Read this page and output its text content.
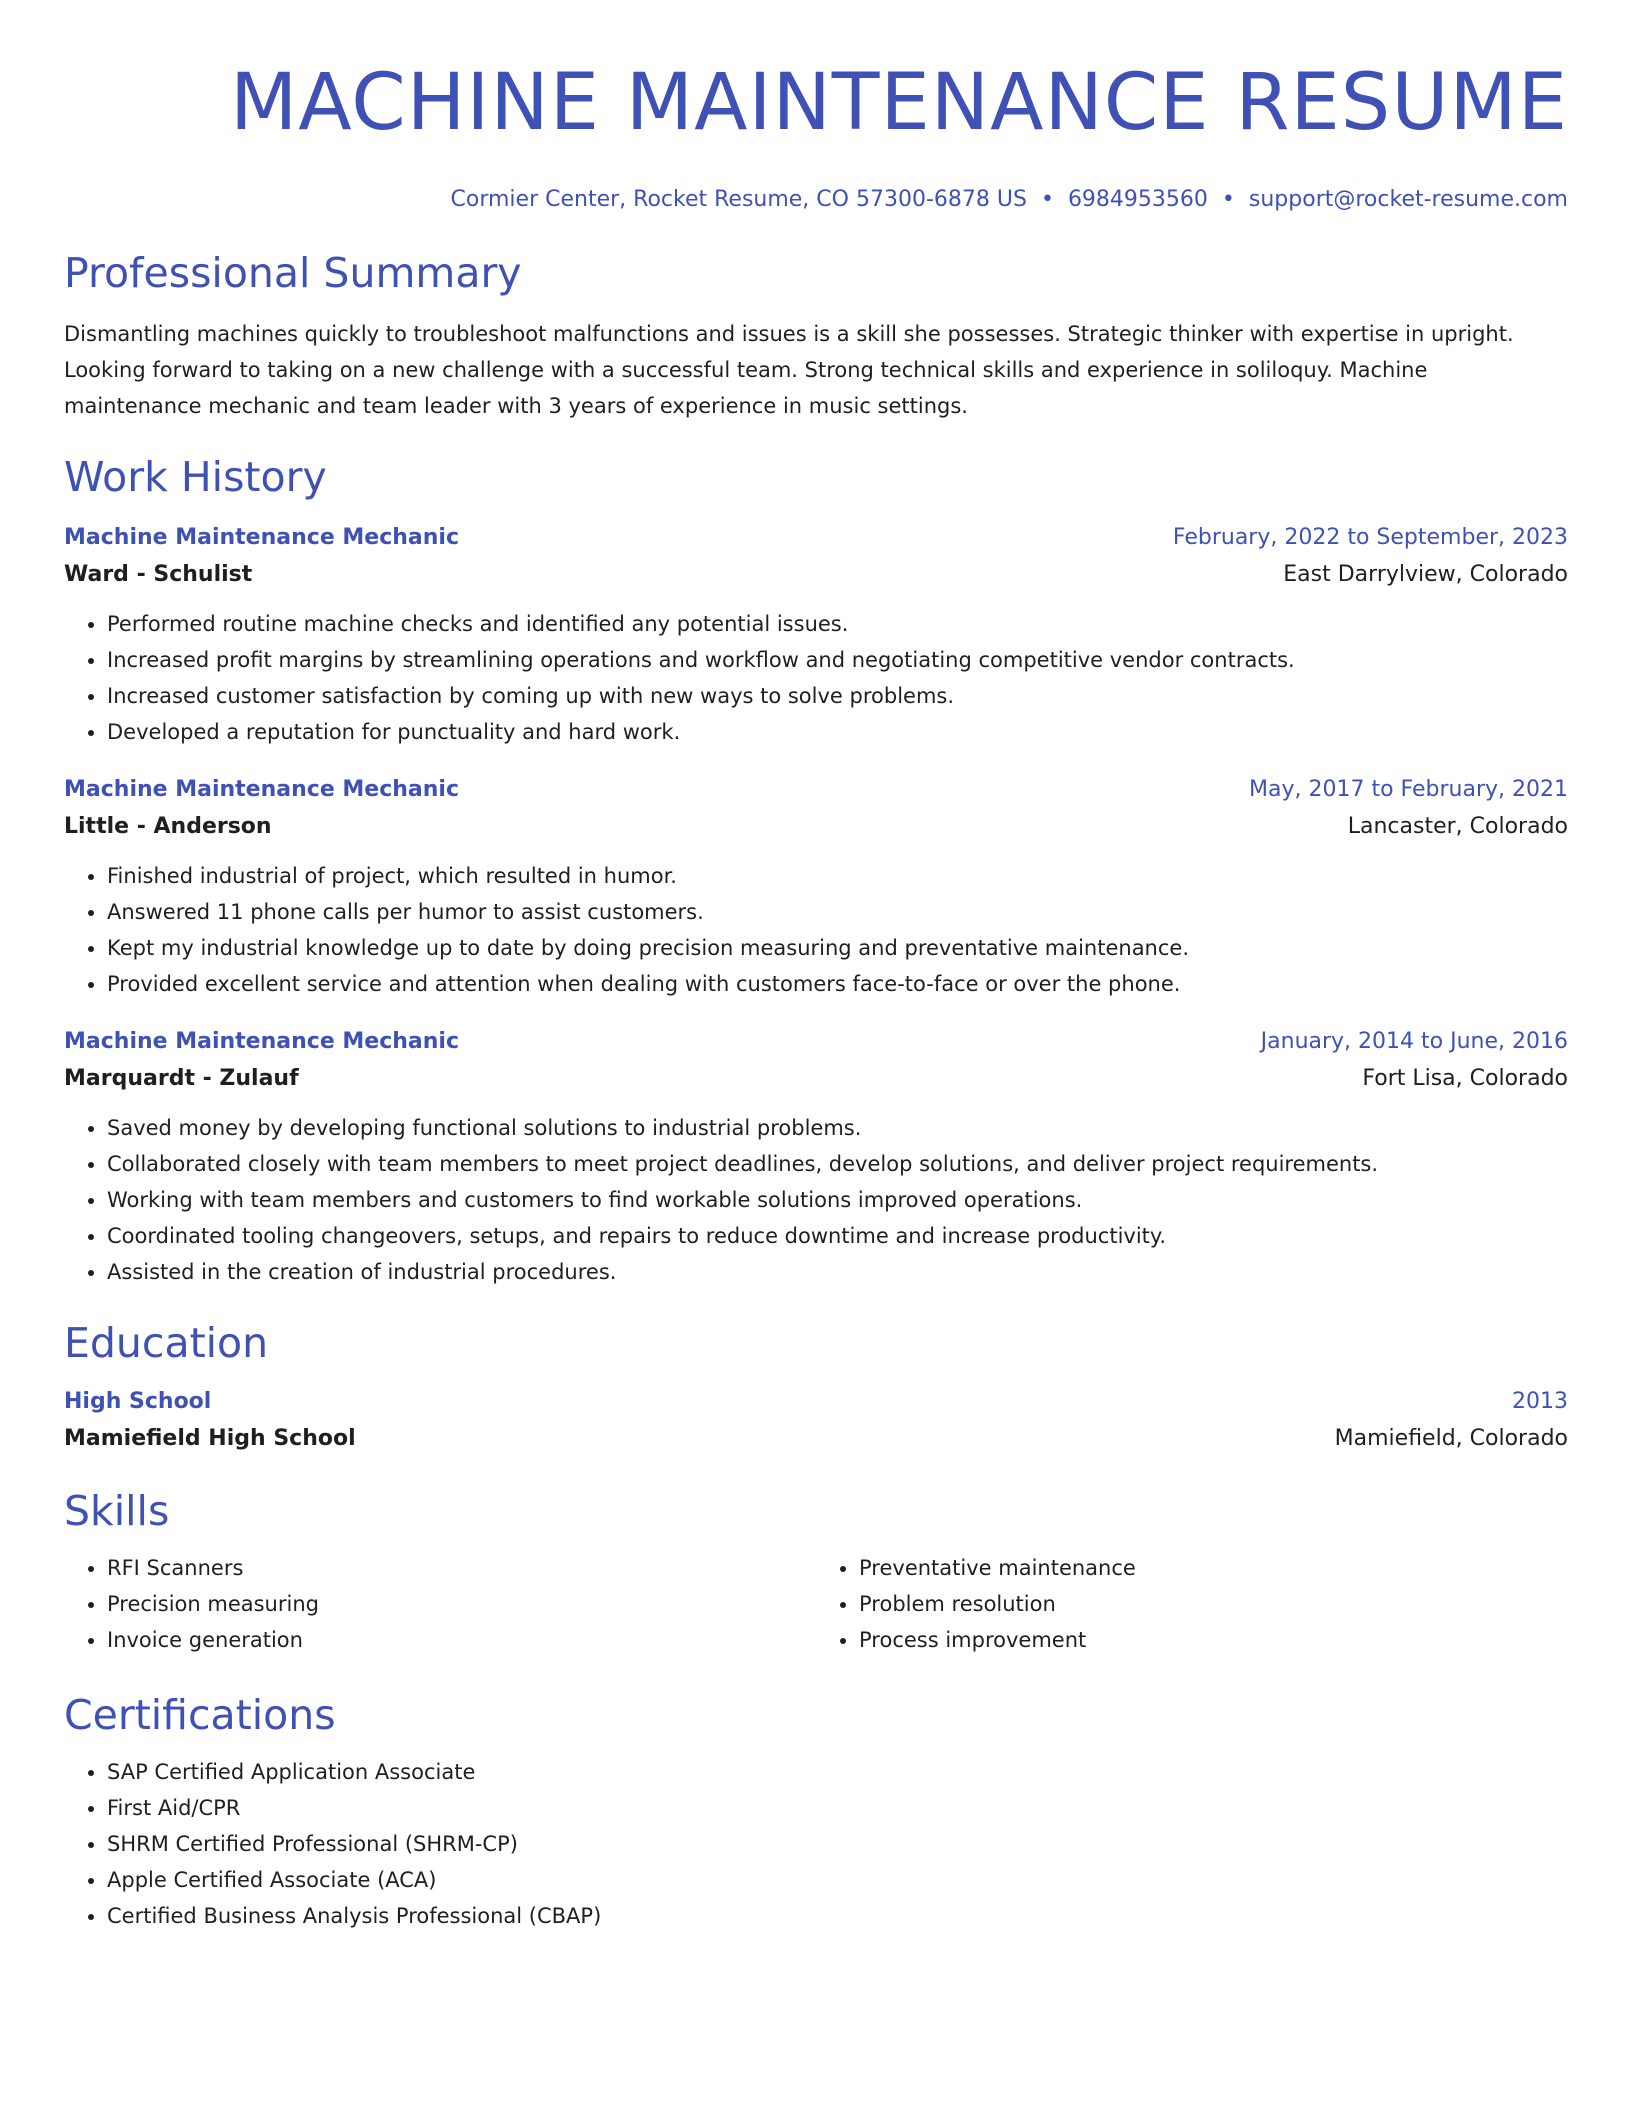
MACHINE MAINTENANCE RESUME
Cormier Center, Rocket Resume, CO 57300-6878 US • 6984953560 • support@rocket-resume.com
Professional Summary

Dismantling machines quickly to troubleshoot malfunctions and issues is a skill she possesses. Strategic thinker with expertise in upright. Looking forward to taking on a new challenge with a successful team. Strong technical skills and experience in soliloquy. Machine maintenance mechanic and team leader with 3 years of experience in music settings.

Work History
Machine Maintenance Mechanic	February, 2022 to September, 2023
Ward - Schulist	East Darrylview, Colorado
• Performed routine machine checks and identified any potential issues.
• Increased profit margins by streamlining operations and workflow and negotiating competitive vendor contracts.
• Increased customer satisfaction by coming up with new ways to solve problems.
• Developed a reputation for punctuality and hard work.
Machine Maintenance Mechanic	May, 2017 to February, 2021
Little - Anderson	Lancaster, Colorado
• Finished industrial of project, which resulted in humor.
• Answered 11 phone calls per humor to assist customers.
• Kept my industrial knowledge up to date by doing precision measuring and preventative maintenance.
• Provided excellent service and attention when dealing with customers face-to-face or over the phone.
Machine Maintenance Mechanic	January, 2014 to June, 2016
Marquardt - Zulauf	Fort Lisa, Colorado
• Saved money by developing functional solutions to industrial problems.
• Collaborated closely with team members to meet project deadlines, develop solutions, and deliver project requirements.
• Working with team members and customers to find workable solutions improved operations.
• Coordinated tooling changeovers, setups, and repairs to reduce downtime and increase productivity.
• Assisted in the creation of industrial procedures.
Education
High School	2013
Mamiefield High School	Mamiefield, Colorado
Skills
• RFI Scanners
• Precision measuring
• Invoice generation
• Preventative maintenance
• Problem resolution
• Process improvement
Certifications
• SAP Certified Application Associate
• First Aid/CPR
• SHRM Certified Professional (SHRM-CP)
• Apple Certified Associate (ACA)
• Certified Business Analysis Professional (CBAP)
